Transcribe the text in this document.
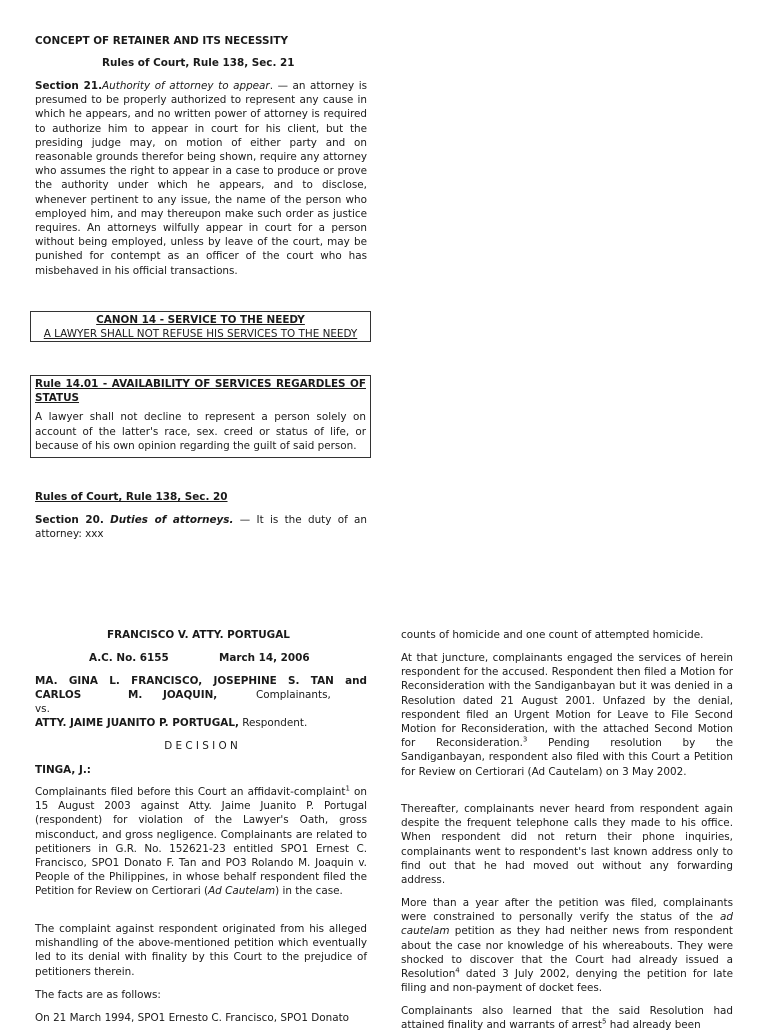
CONCEPT OF RETAINER AND ITS NECESSITY
Rules of Court, Rule 138, Sec. 21

Section 21.Authority of attorney to appear. — an attorney is presumed to be properly authorized to represent any cause in which he appears, and no written power of attorney is required to authorize him to appear in court for his client, but the presiding judge may, on motion of either party and on reasonable grounds therefor being shown, require any attorney who assumes the right to appear in a case to produce or prove the authority under which he appears, and to disclose, whenever pertinent to any issue, the name of the person who employed him, and may thereupon make such order as justice requires. An attorneys wilfully appear in court for a person without being employed, unless by leave of the court, may be punished for contempt as an officer of the court who has misbehaved in his official transactions.

CANON 14 - SERVICE TO THE NEEDY
A LAWYER SHALL NOT REFUSE HIS SERVICES TO THE NEEDY

Rule 14.01 - AVAILABILITY OF SERVICES REGARDLES OF STATUS

A lawyer shall not decline to represent a person solely on account of the latter's race, sex. creed or status of life, or because of his own opinion regarding the guilt of said person.

Rules of Court, Rule 138, Sec. 20

Section 20. Duties of attorneys. — It is the duty of an attorney: xxx

FRANCISCO V. ATTY. PORTUGAL
A.C. No. 6155	March 14, 2006
MA. GINA L. FRANCISCO, JOSEPHINE S. TAN and
CARLOS	M. JOAQUIN,	Complainants,
vs.
ATTY. JAIME JUANITO P. PORTUGAL, Respondent.
D E C I S I O N
TINGA, J.:

Complainants filed before this Court an affidavit-complaint$^1$ on 15 August 2003 against Atty. Jaime Juanito P. Portugal (respondent) for violation of the Lawyer's Oath, gross misconduct, and gross negligence. Complainants are related to petitioners in G.R. No. 152621-23 entitled SPO1 Ernest C. Francisco, SPO1 Donato F. Tan and PO3 Rolando M. Joaquin v. People of the Philippines, in whose behalf respondent filed the Petition for Review on Certiorari (Ad Cautelam) in the case.

The complaint against respondent originated from his alleged mishandling of the above-mentioned petition which eventually led to its denial with finality by this Court to the prejudice of petitioners therein.

The facts are as follows:

On 21 March 1994, SPO1 Ernesto C. Francisco, SPO1 Donato

counts of homicide and one count of attempted homicide.

At that juncture, complainants engaged the services of herein respondent for the accused. Respondent then filed a Motion for Reconsideration with the Sandiganbayan but it was denied in a Resolution dated 21 August 2001. Unfazed by the denial, respondent filed an Urgent Motion for Leave to File Second Motion for Reconsideration, with the attached Second Motion for Reconsideration.$^3$ Pending resolution by the Sandiganbayan, respondent also filed with this Court a Petition for Review on Certiorari (Ad Cautelam) on 3 May 2002.

Thereafter, complainants never heard from respondent again despite the frequent telephone calls they made to his office. When respondent did not return their phone inquiries, complainants went to respondent's last known address only to find out that he had moved out without any forwarding address.

More than a year after the petition was filed, complainants were constrained to personally verify the status of the ad cautelam petition as they had neither news from respondent about the case nor knowledge of his whereabouts. They were shocked to discover that the Court had already issued a Resolution$^4$ dated 3 July 2002, denying the petition for late filing and non-payment of docket fees.

Complainants also learned that the said Resolution had attained finality and warrants of arrest$^5$ had already been
